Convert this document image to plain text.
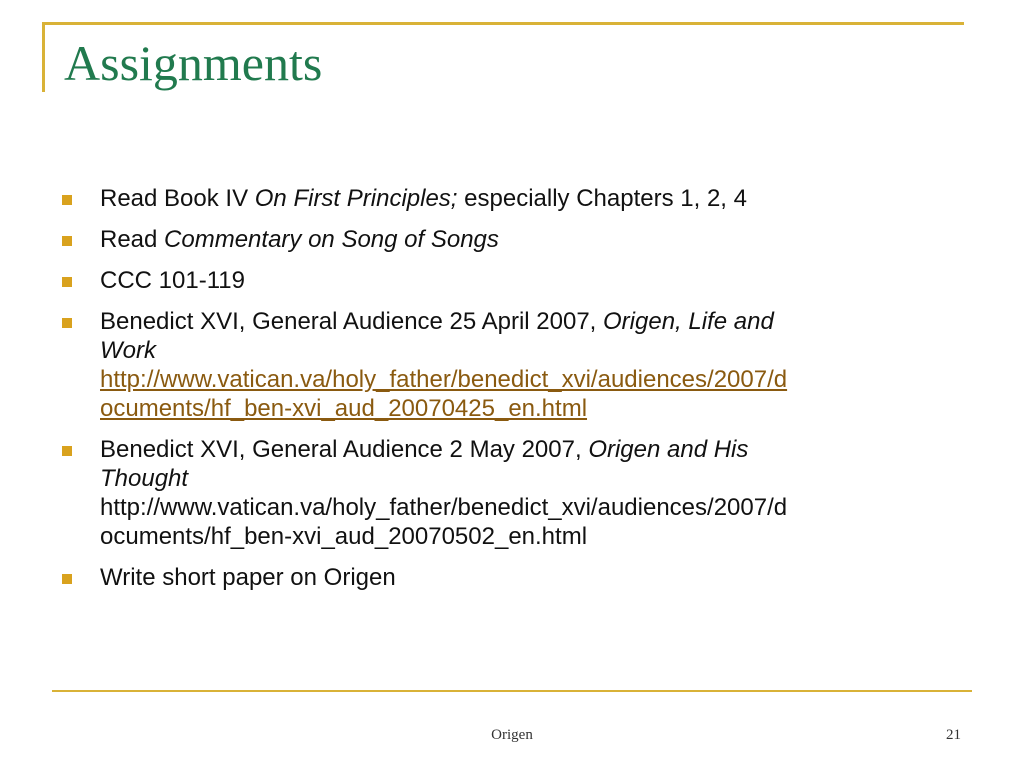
Assignments
Read Book IV On First Principles; especially Chapters 1, 2, 4
Read Commentary on Song of Songs
CCC 101-119
Benedict XVI, General Audience 25 April 2007, Origen, Life and
Work
http://www.vatican.va/holy_father/benedict_xvi/audiences/2007/d
ocuments/hf_ben-xvi_aud_20070425_en.html
Benedict XVI, General Audience 2 May 2007, Origen and His
Thought
http://www.vatican.va/holy_father/benedict_xvi/audiences/2007/d
ocuments/hf_ben-xvi_aud_20070502_en.html
Write short paper on Origen
Origen	21
